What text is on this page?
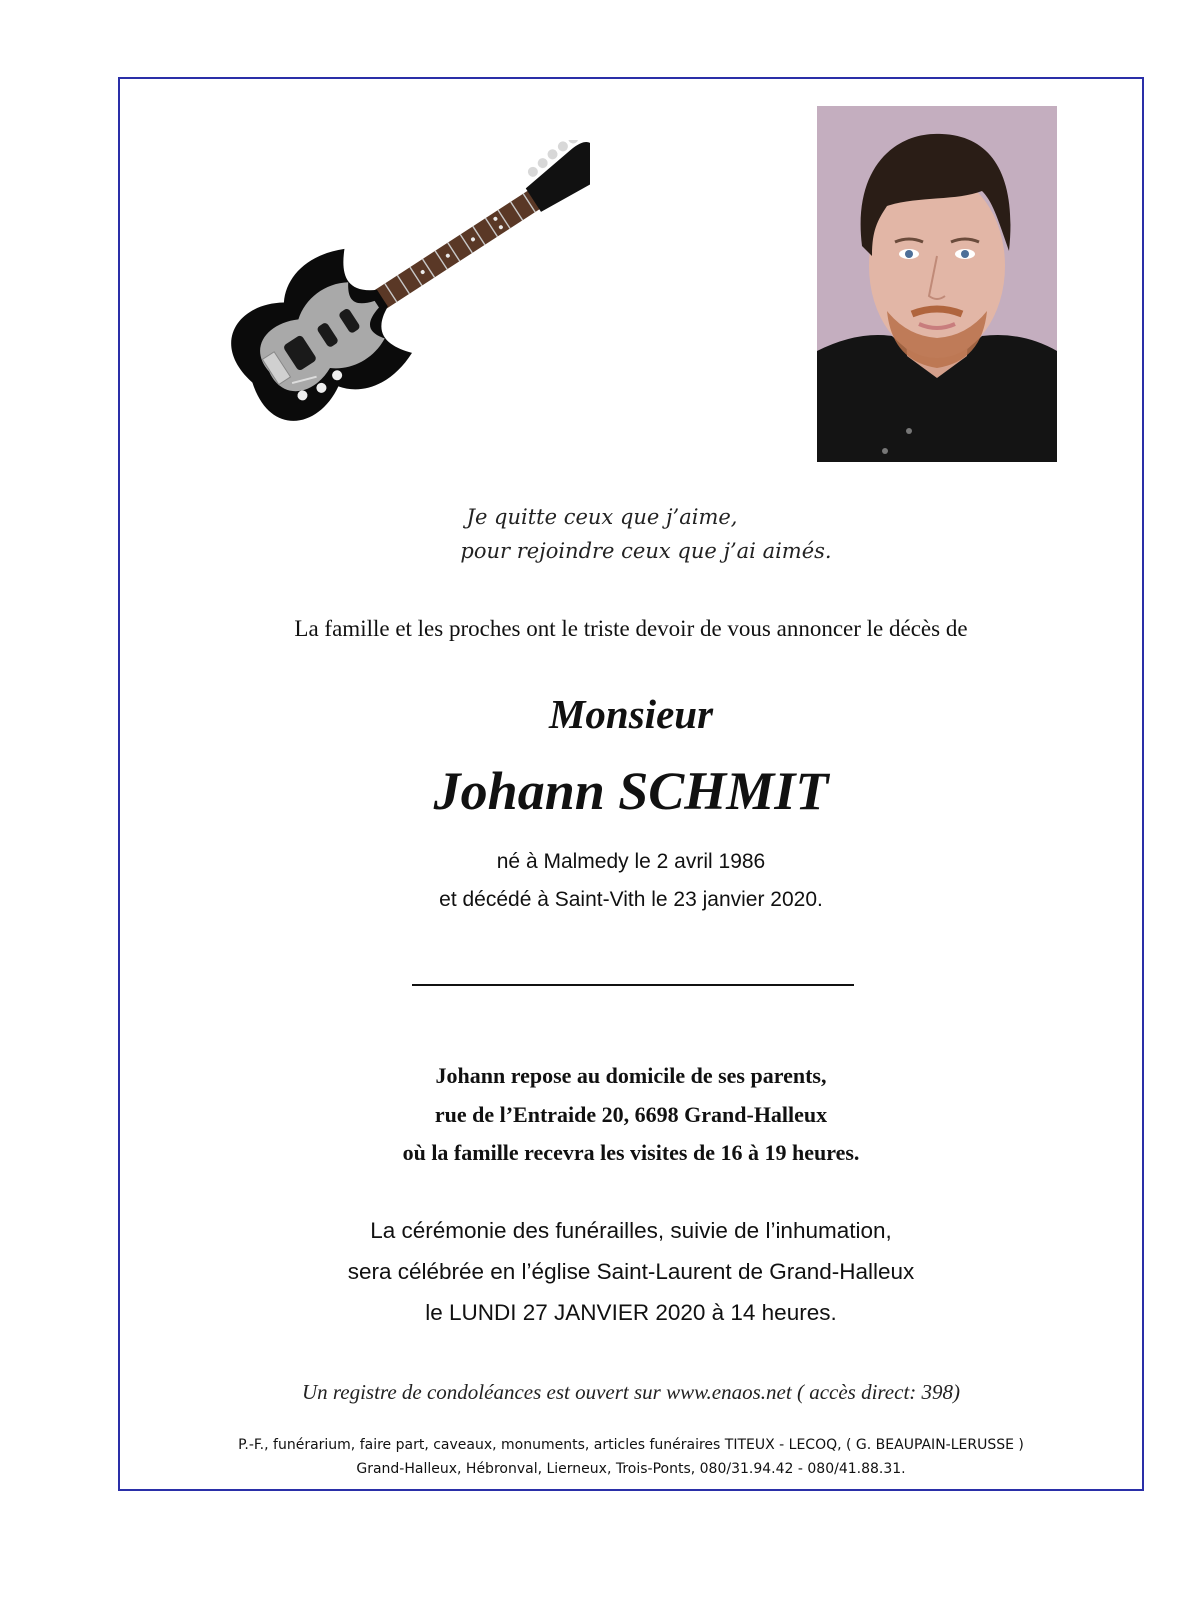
Je quitte ceux que j’aime,
pour rejoindre ceux que j’ai aimés.
La famille et les proches ont le triste devoir de vous annoncer le décès de
Monsieur
Johann SCHMIT
né à Malmedy le 2 avril 1986
et décédé à Saint-Vith le 23 janvier 2020.
Johann repose au domicile de ses parents,
rue de l’Entraide 20, 6698 Grand-Halleux
où la famille recevra les visites de 16 à 19 heures.
La cérémonie des funérailles, suivie de l’inhumation,
sera célébrée en l’église Saint-Laurent de Grand-Halleux
le LUNDI 27 JANVIER 2020 à 14 heures.
Un registre de condoléances est ouvert sur www.enaos.net ( accès direct: 398)
P.-F., funérarium, faire part, caveaux, monuments, articles funéraires TITEUX - LECOQ, ( G. BEAUPAIN-LERUSSE )
Grand-Halleux, Hébronval, Lierneux, Trois-Ponts, 080/31.94.42 - 080/41.88.31.
